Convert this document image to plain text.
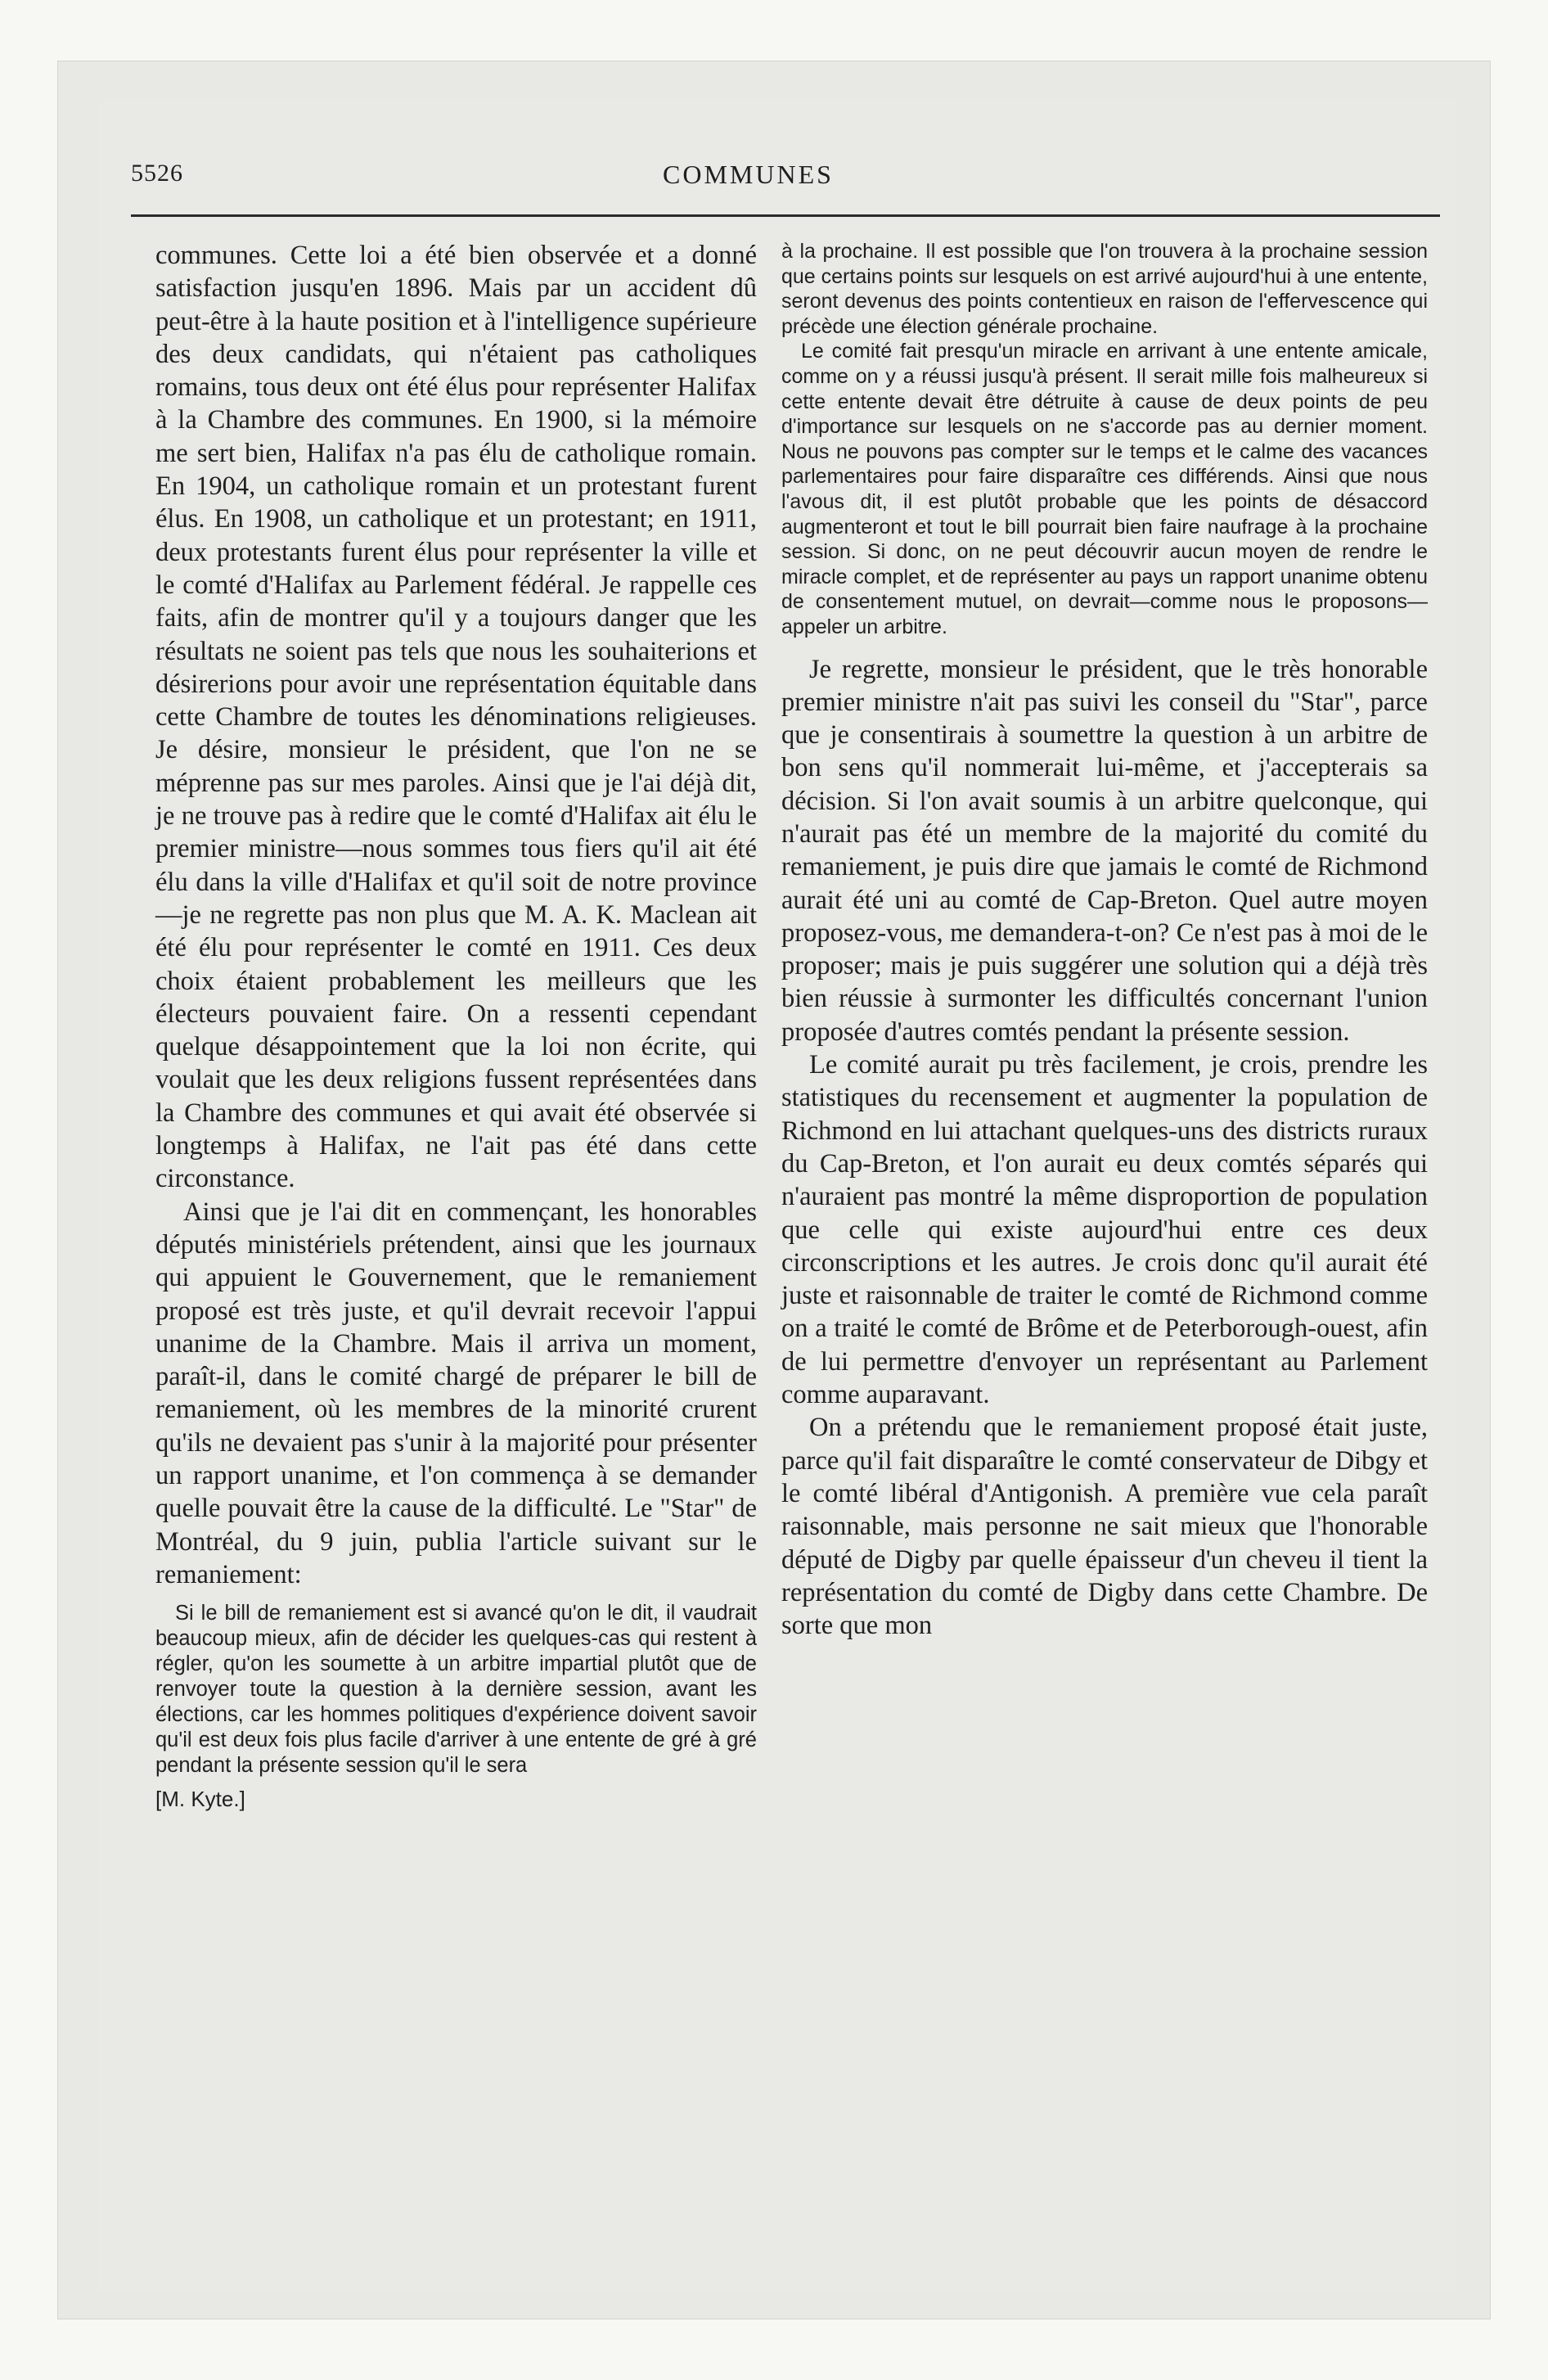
5526	COMMUNES

communes. Cette loi a été bien observée et a donné satisfaction jusqu'en 1896. Mais par un accident dû peut-être à la haute position et à l'intelligence supérieure des deux candidats, qui n'étaient pas catholiques romains, tous deux ont été élus pour représenter Halifax à la Chambre des communes. En 1900, si la mémoire me sert bien, Halifax n'a pas élu de catholique romain. En 1904, un catholique romain et un protestant furent élus. En 1908, un catholique et un protestant; en 1911, deux protestants furent élus pour représenter la ville et le comté d'Halifax au Parlement fédéral. Je rappelle ces faits, afin de montrer qu'il y a toujours danger que les résultats ne soient pas tels que nous les souhaiterions et désirerions pour avoir une représentation équitable dans cette Chambre de toutes les dénominations religieuses. Je désire, monsieur le président, que l'on ne se méprenne pas sur mes paroles. Ainsi que je l'ai déjà dit, je ne trouve pas à redire que le comté d'Halifax ait élu le premier ministre—nous sommes tous fiers qu'il ait été élu dans la ville d'Halifax et qu'il soit de notre province—je ne regrette pas non plus que M. A. K. Maclean ait été élu pour représenter le comté en 1911. Ces deux choix étaient probablement les meilleurs que les électeurs pouvaient faire. On a ressenti cependant quelque désappointement que la loi non écrite, qui voulait que les deux religions fussent représentées dans la Chambre des communes et qui avait été observée si longtemps à Halifax, ne l'ait pas été dans cette circonstance.

Ainsi que je l'ai dit en commençant, les honorables députés ministériels prétendent, ainsi que les journaux qui appuient le Gouvernement, que le remaniement proposé est très juste, et qu'il devrait recevoir l'appui unanime de la Chambre. Mais il arriva un moment, paraît-il, dans le comité chargé de préparer le bill de remaniement, où les membres de la minorité crurent qu'ils ne devaient pas s'unir à la majorité pour présenter un rapport unanime, et l'on commença à se demander quelle pouvait être la cause de la difficulté. Le "Star" de Montréal, du 9 juin, publia l'article suivant sur le remaniement:

Si le bill de remaniement est si avancé qu'on le dit, il vaudrait beaucoup mieux, afin de décider les quelques-cas qui restent à régler, qu'on les soumette à un arbitre impartial plutôt que de renvoyer toute la question à la dernière session, avant les élections, car les hommes politiques d'expérience doivent savoir qu'il est deux fois plus facile d'arriver à une entente de gré à gré pendant la présente session qu'il le sera

[M. Kyte.]

à la prochaine. Il est possible que l'on trouvera à la prochaine session que certains points sur lesquels on est arrivé aujourd'hui à une entente, seront devenus des points contentieux en raison de l'effervescence qui précède une élection générale prochaine.

Le comité fait presqu'un miracle en arrivant à une entente amicale, comme on y a réussi jusqu'à présent. Il serait mille fois malheureux si cette entente devait être détruite à cause de deux points de peu d'importance sur lesquels on ne s'accorde pas au dernier moment. Nous ne pouvons pas compter sur le temps et le calme des vacances parlementaires pour faire disparaître ces différends. Ainsi que nous l'avous dit, il est plutôt probable que les points de désaccord augmenteront et tout le bill pourrait bien faire naufrage à la prochaine session. Si donc, on ne peut découvrir aucun moyen de rendre le miracle complet, et de représenter au pays un rapport unanime obtenu de consentement mutuel, on devrait—comme nous le proposons—appeler un arbitre.

Je regrette, monsieur le président, que le très honorable premier ministre n'ait pas suivi les conseil du "Star", parce que je consentirais à soumettre la question à un arbitre de bon sens qu'il nommerait lui-même, et j'accepterais sa décision. Si l'on avait soumis à un arbitre quelconque, qui n'aurait pas été un membre de la majorité du comité du remaniement, je puis dire que jamais le comté de Richmond aurait été uni au comté de Cap-Breton. Quel autre moyen proposez-vous, me demandera-t-on? Ce n'est pas à moi de le proposer; mais je puis suggérer une solution qui a déjà très bien réussie à surmonter les difficultés concernant l'union proposée d'autres comtés pendant la présente session.

Le comité aurait pu très facilement, je crois, prendre les statistiques du recensement et augmenter la population de Richmond en lui attachant quelques-uns des districts ruraux du Cap-Breton, et l'on aurait eu deux comtés séparés qui n'auraient pas montré la même disproportion de population que celle qui existe aujourd'hui entre ces deux circonscriptions et les autres. Je crois donc qu'il aurait été juste et raisonnable de traiter le comté de Richmond comme on a traité le comté de Brôme et de Peterborough-ouest, afin de lui permettre d'envoyer un représentant au Parlement comme auparavant.

On a prétendu que le remaniement proposé était juste, parce qu'il fait disparaître le comté conservateur de Dibgy et le comté libéral d'Antigonish. A première vue cela paraît raisonnable, mais personne ne sait mieux que l'honorable député de Digby par quelle épaisseur d'un cheveu il tient la représentation du comté de Digby dans cette Chambre. De sorte que mon
